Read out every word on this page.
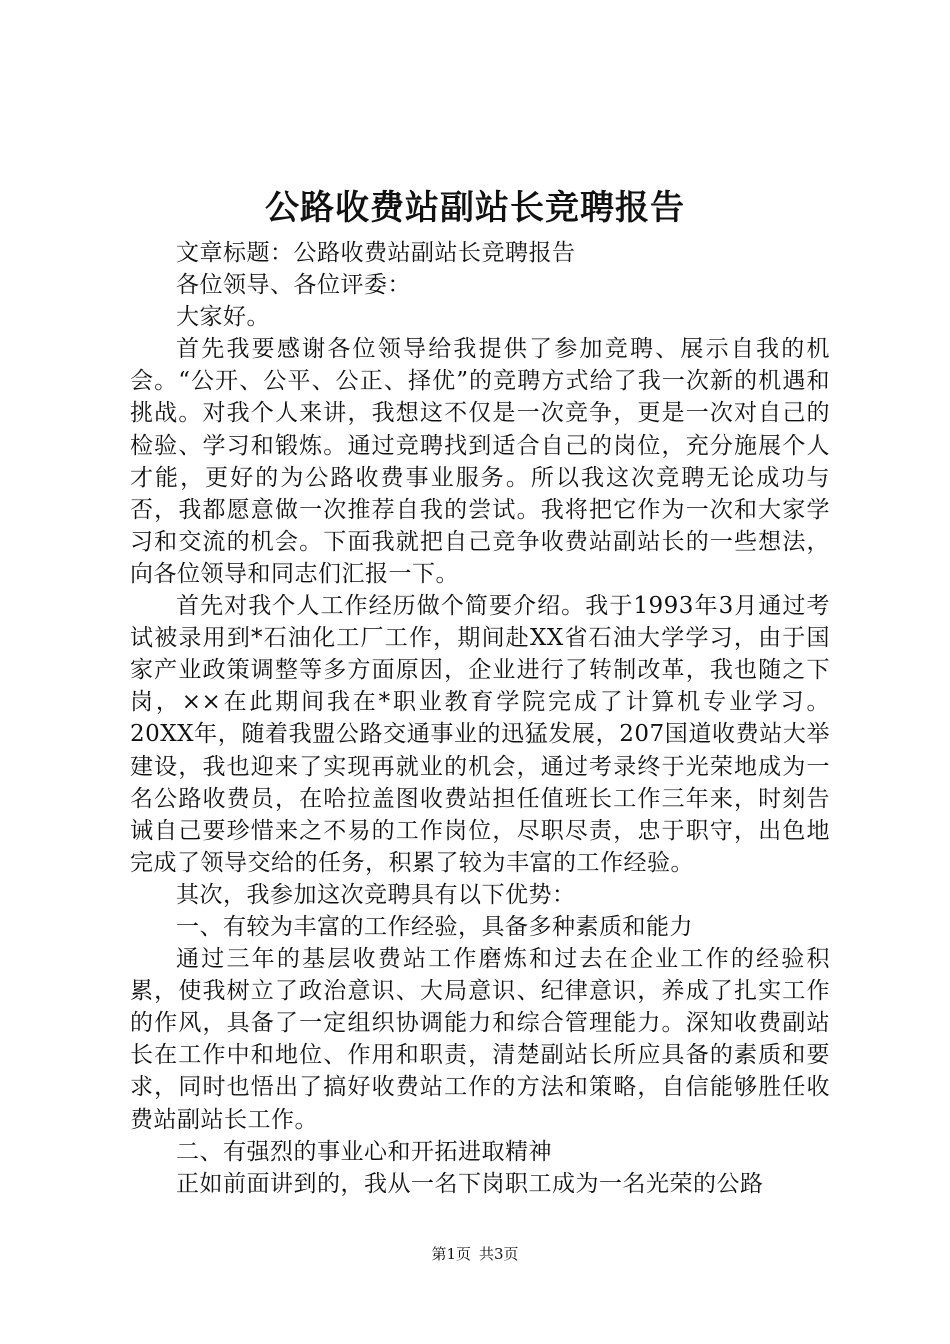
公路收费站副站长竞聘报告

文章标题：公路收费站副站长竞聘报告

各位领导、各位评委：

大家好。

首先我要感谢各位领导给我提供了参加竞聘、展示自我的机会。“公开、公平、公正、择优”的竞聘方式给了我一次新的机遇和挑战。对我个人来讲，我想这不仅是一次竞争，更是一次对自己的检验、学习和锻炼。通过竞聘找到适合自己的岗位，充分施展个人才能，更好的为公路收费事业服务。所以我这次竞聘无论成功与否，我都愿意做一次推荐自我的尝试。我将把它作为一次和大家学习和交流的机会。下面我就把自己竞争收费站副站长的一些想法，向各位领导和同志们汇报一下。

首先对我个人工作经历做个简要介绍。我于1993年3月通过考试被录用到*石油化工厂工作，期间赴XX省石油大学学习，由于国家产业政策调整等多方面原因，企业进行了转制改革，我也随之下岗，××在此期间我在*职业教育学院完成了计算机专业学习。20XX年，随着我盟公路交通事业的迅猛发展，207国道收费站大举建设，我也迎来了实现再就业的机会，通过考录终于光荣地成为一名公路收费员，在哈拉盖图收费站担任值班长工作三年来，时刻告诫自己要珍惜来之不易的工作岗位，尽职尽责，忠于职守，出色地完成了领导交给的任务，积累了较为丰富的工作经验。

其次，我参加这次竞聘具有以下优势：

一、有较为丰富的工作经验，具备多种素质和能力

通过三年的基层收费站工作磨炼和过去在企业工作的经验积累，使我树立了政治意识、大局意识、纪律意识，养成了扎实工作的作风，具备了一定组织协调能力和综合管理能力。深知收费副站长在工作中和地位、作用和职责，清楚副站长所应具备的素质和要求，同时也悟出了搞好收费站工作的方法和策略，自信能够胜任收费站副站长工作。

二、有强烈的事业心和开拓进取精神

正如前面讲到的，我从一名下岗职工成为一名光荣的公路

第1页 共3页
